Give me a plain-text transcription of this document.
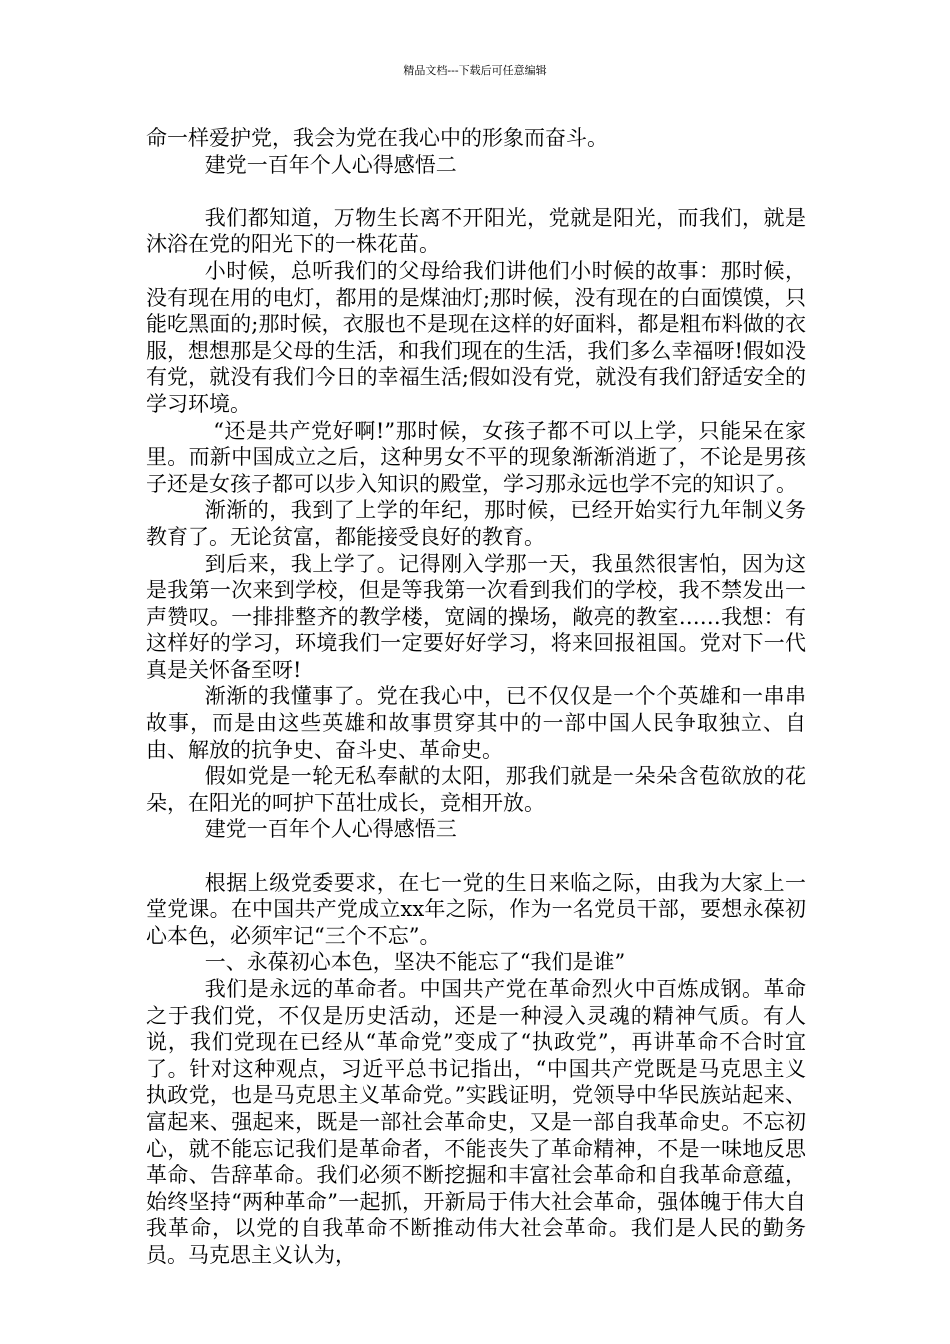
精品文档---下载后可任意编辑

命一样爱护党，我会为党在我心中的形象而奋斗。

建党一百年个人心得感悟二

我们都知道，万物生长离不开阳光，党就是阳光，而我们，就是沐浴在党的阳光下的一株花苗。

小时候，总听我们的父母给我们讲他们小时候的故事：那时候，没有现在用的电灯，都用的是煤油灯;那时候，没有现在的白面馍馍，只能吃黑面的;那时候，衣服也不是现在这样的好面料，都是粗布料做的衣服，想想那是父母的生活，和我们现在的生活，我们多么幸福呀!假如没有党，就没有我们今日的幸福生活;假如没有党，就没有我们舒适安全的学习环境。

“还是共产党好啊!”那时候，女孩子都不可以上学，只能呆在家里。而新中国成立之后，这种男女不平的现象渐渐消逝了，不论是男孩子还是女孩子都可以步入知识的殿堂，学习那永远也学不完的知识了。

渐渐的，我到了上学的年纪，那时候，已经开始实行九年制义务教育了。无论贫富，都能接受良好的教育。

到后来，我上学了。记得刚入学那一天，我虽然很害怕，因为这是我第一次来到学校，但是等我第一次看到我们的学校，我不禁发出一声赞叹。一排排整齐的教学楼，宽阔的操场，敞亮的教室……我想：有这样好的学习，环境我们一定要好好学习，将来回报祖国。党对下一代真是关怀备至呀!

渐渐的我懂事了。党在我心中，已不仅仅是一个个英雄和一串串故事，而是由这些英雄和故事贯穿其中的一部中国人民争取独立、自由、解放的抗争史、奋斗史、革命史。

假如党是一轮无私奉献的太阳，那我们就是一朵朵含苞欲放的花朵，在阳光的呵护下茁壮成长，竞相开放。

建党一百年个人心得感悟三

根据上级党委要求，在七一党的生日来临之际，由我为大家上一堂党课。在中国共产党成立xx年之际，作为一名党员干部，要想永葆初心本色，必须牢记“三个不忘”。

一、永葆初心本色，坚决不能忘了“我们是谁”

我们是永远的革命者。中国共产党在革命烈火中百炼成钢。革命之于我们党，不仅是历史活动，还是一种浸入灵魂的精神气质。有人说，我们党现在已经从“革命党”变成了“执政党”，再讲革命不合时宜了。针对这种观点，习近平总书记指出，“中国共产党既是马克思主义执政党，也是马克思主义革命党。”实践证明，党领导中华民族站起来、富起来、强起来，既是一部社会革命史，又是一部自我革命史。不忘初心，就不能忘记我们是革命者，不能丧失了革命精神，不是一味地反思革命、告辞革命。我们必须不断挖掘和丰富社会革命和自我革命意蕴，始终坚持“两种革命”一起抓，开新局于伟大社会革命，强体魄于伟大自我革命，以党的自我革命不断推动伟大社会革命。我们是人民的勤务员。马克思主义认为，
